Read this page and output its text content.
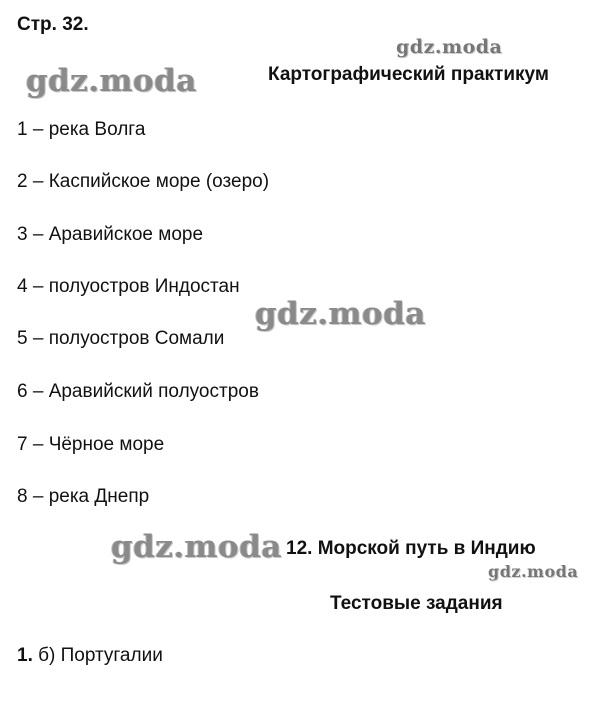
Стр. 32.
gdz.moda
gdz.moda	Картографический практикум
1 – река Волга
2 – Каспийское море (озеро)
3 – Аравийское море
4 – полуостров Индостан
5 – полуостров Сомали
6 – Аравийский полуостров
7 – Чёрное море
8 – река Днепр
gdz.moda
gdz.moda 12. Морской путь в Индию
gdz.moda
Тестовые задания
1. б) Португалии
